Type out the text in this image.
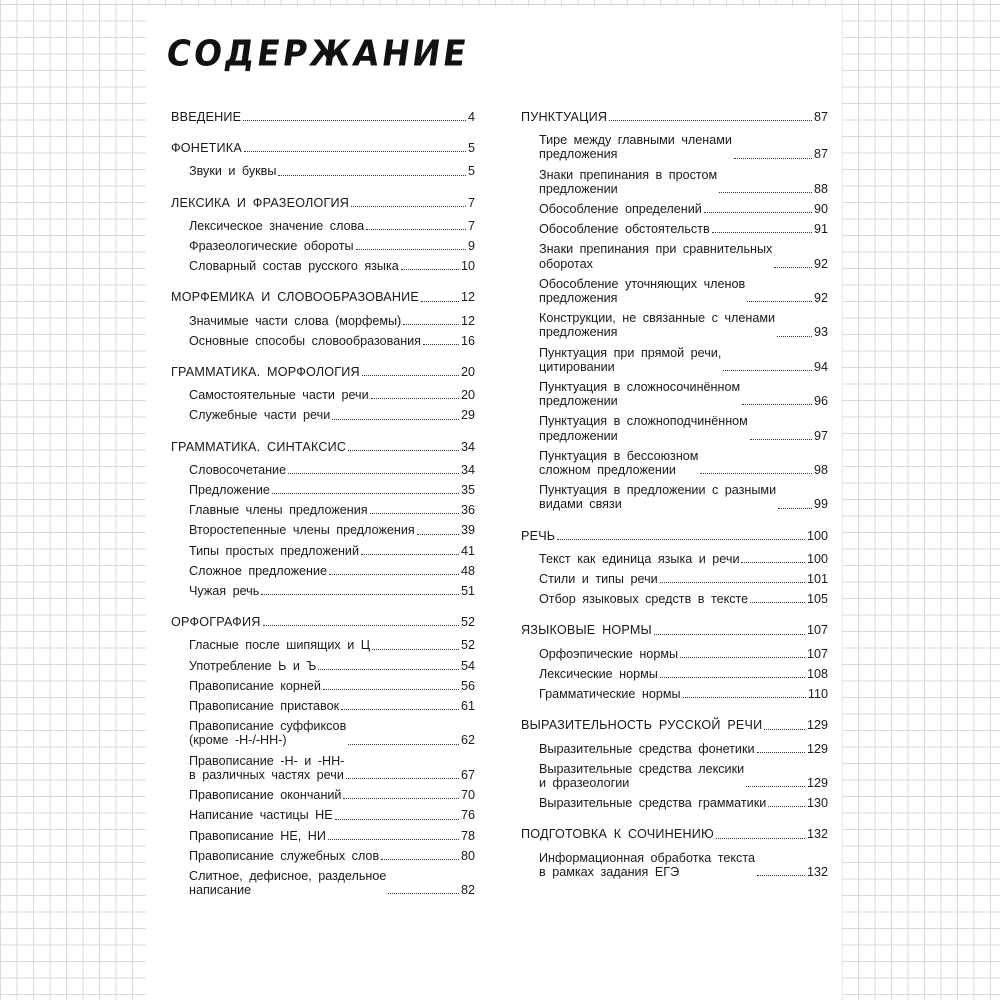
СОДЕРЖАНИЕ
ВВЕДЕНИЕ	4
ФОНЕТИКА	5
Звуки и буквы	5
ЛЕКСИКА И ФРАЗЕОЛОГИЯ	7
Лексическое значение слова	7
Фразеологические обороты	9
Словарный состав русского языка	10
МОРФЕМИКА И СЛОВООБРАЗОВАНИЕ	12
Значимые части слова (морфемы)	12
Основные способы словообразования	16
ГРАММАТИКА. МОРФОЛОГИЯ	20
Самостоятельные части речи	20
Служебные части речи	29
ГРАММАТИКА. СИНТАКСИС	34
Словосочетание	34
Предложение	35
Главные члены предложения	36
Второстепенные члены предложения	39
Типы простых предложений	41
Сложное предложение	48
Чужая речь	51
ОРФОГРАФИЯ	52
Гласные после шипящих и Ц	52
Употребление Ь и Ъ	54
Правописание корней	56
Правописание приставок	61
Правописание суффиксов
(кроме -Н-/-НН-)	62
Правописание -Н- и -НН-
в различных частях речи	67
Правописание окончаний	70
Написание частицы НЕ	76
Правописание НЕ, НИ	78
Правописание служебных слов	80
Слитное, дефисное, раздельное
написание	82
ПУНКТУАЦИЯ	87
Тире между главными членами
предложения	87
Знаки препинания в простом
предложении	88
Обособление определений	90
Обособление обстоятельств	91
Знаки препинания при сравнительных
оборотах	92
Обособление уточняющих членов
предложения	92
Конструкции, не связанные с членами
предложения	93
Пунктуация при прямой речи,
цитировании	94
Пунктуация в сложносочинённом
предложении	96
Пунктуация в сложноподчинённом
предложении	97
Пунктуация в бессоюзном
сложном предложении	98
Пунктуация в предложении с разными
видами связи	99
РЕЧЬ	100
Текст как единица языка и речи	100
Стили и типы речи	101
Отбор языковых средств в тексте	105
ЯЗЫКОВЫЕ НОРМЫ	107
Орфоэпические нормы	107
Лексические нормы	108
Грамматические нормы	110
ВЫРАЗИТЕЛЬНОСТЬ РУССКОЙ РЕЧИ	129
Выразительные средства фонетики	129
Выразительные средства лексики
и фразеологии	129
Выразительные средства грамматики	130
ПОДГОТОВКА К СОЧИНЕНИЮ	132
Информационная обработка текста
в рамках задания ЕГЭ	132
